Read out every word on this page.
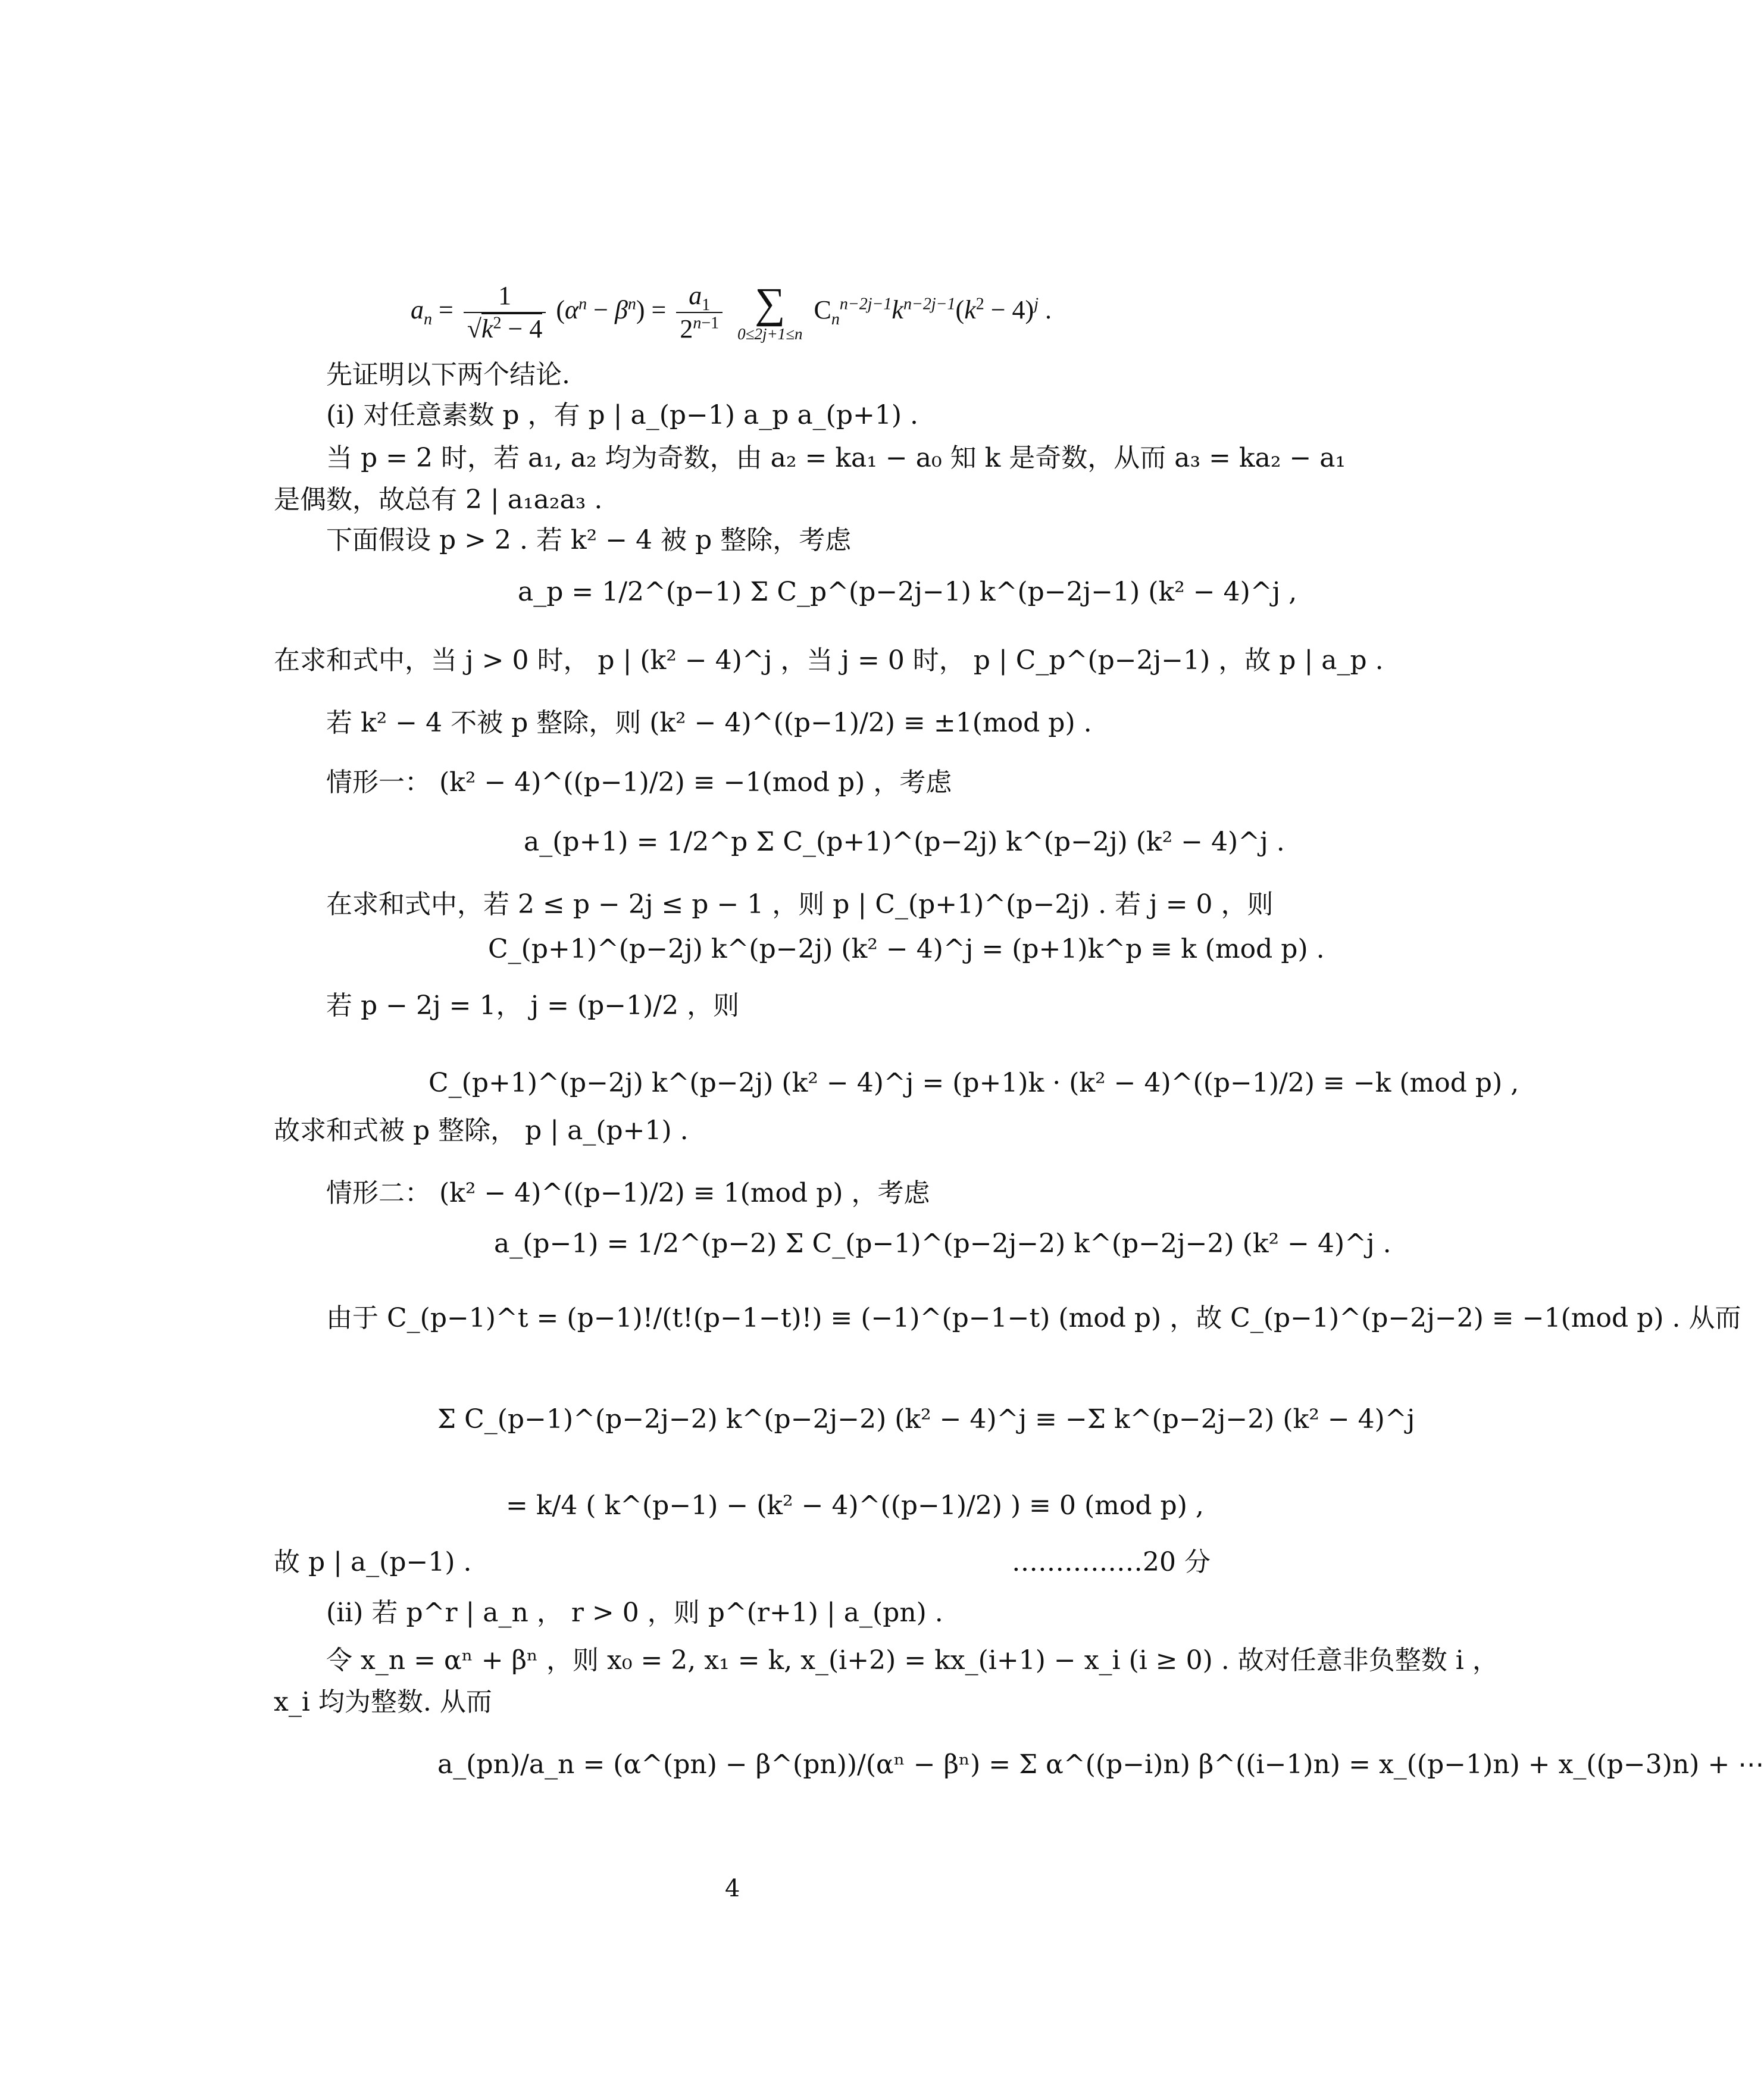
$a_n = \frac{1}{√k^2 - 4} (\alpha^n - \beta^n) = \frac{a_1}{2^{n-1}}$
∑
0≤2j+1≤n
$C_n^{n-2j-1}k^{n-2j-1}(k^2 - 4)^j$ .
先证明以下两个结论.
(i) 对任意素数 p ，有 p | a_(p−1) a_p a_(p+1) .
当 p = 2 时，若 a₁, a₂ 均为奇数，由 a₂ = ka₁ − a₀ 知 k 是奇数，从而 a₃ = ka₂ − a₁
是偶数，故总有 2 | a₁a₂a₃ .
下面假设 p > 2 . 若 k² − 4 被 p 整除，考虑
a_p = 1/2^(p−1) Σ C_p^(p−2j−1) k^(p−2j−1) (k² − 4)^j ,
在求和式中，当 j > 0 时， p | (k² − 4)^j ，当 j = 0 时， p | C_p^(p−2j−1) ，故 p | a_p .
若 k² − 4 不被 p 整除，则 (k² − 4)^((p−1)/2) ≡ ±1(mod p) .
情形一： (k² − 4)^((p−1)/2) ≡ −1(mod p) ，考虑
a_(p+1) = 1/2^p Σ C_(p+1)^(p−2j) k^(p−2j) (k² − 4)^j .
在求和式中，若 2 ≤ p − 2j ≤ p − 1 ，则 p | C_(p+1)^(p−2j) . 若 j = 0 ，则
C_(p+1)^(p−2j) k^(p−2j) (k² − 4)^j = (p+1)k^p ≡ k (mod p) .
若 p − 2j = 1， j = (p−1)/2 ，则
C_(p+1)^(p−2j) k^(p−2j) (k² − 4)^j = (p+1)k · (k² − 4)^((p−1)/2) ≡ −k (mod p) ,
故求和式被 p 整除， p | a_(p+1) .
情形二： (k² − 4)^((p−1)/2) ≡ 1(mod p) ，考虑
a_(p−1) = 1/2^(p−2) Σ C_(p−1)^(p−2j−2) k^(p−2j−2) (k² − 4)^j .
由于 C_(p−1)^t = (p−1)!/(t!(p−1−t)!) ≡ (−1)^(p−1−t) (mod p) ，故 C_(p−1)^(p−2j−2) ≡ −1(mod p) . 从而
Σ C_(p−1)^(p−2j−2) k^(p−2j−2) (k² − 4)^j ≡ −Σ k^(p−2j−2) (k² − 4)^j
= k/4 ( k^(p−1) − (k² − 4)^((p−1)/2) ) ≡ 0 (mod p) ,
故 p | a_(p−1) .	……………20 分
(ii) 若 p^r | a_n ， r > 0 ，则 p^(r+1) | a_(pn) .
令 x_n = αⁿ + βⁿ ，则 x₀ = 2, x₁ = k, x_(i+2) = kx_(i+1) − x_i (i ≥ 0) . 故对任意非负整数 i ，
x_i 均为整数. 从而
a_(pn)/a_n = (α^(pn) − β^(pn))/(αⁿ − βⁿ) = Σ α^((p−i)n) β^((i−1)n) = x_((p−1)n) + x_((p−3)n) + ⋯
4
